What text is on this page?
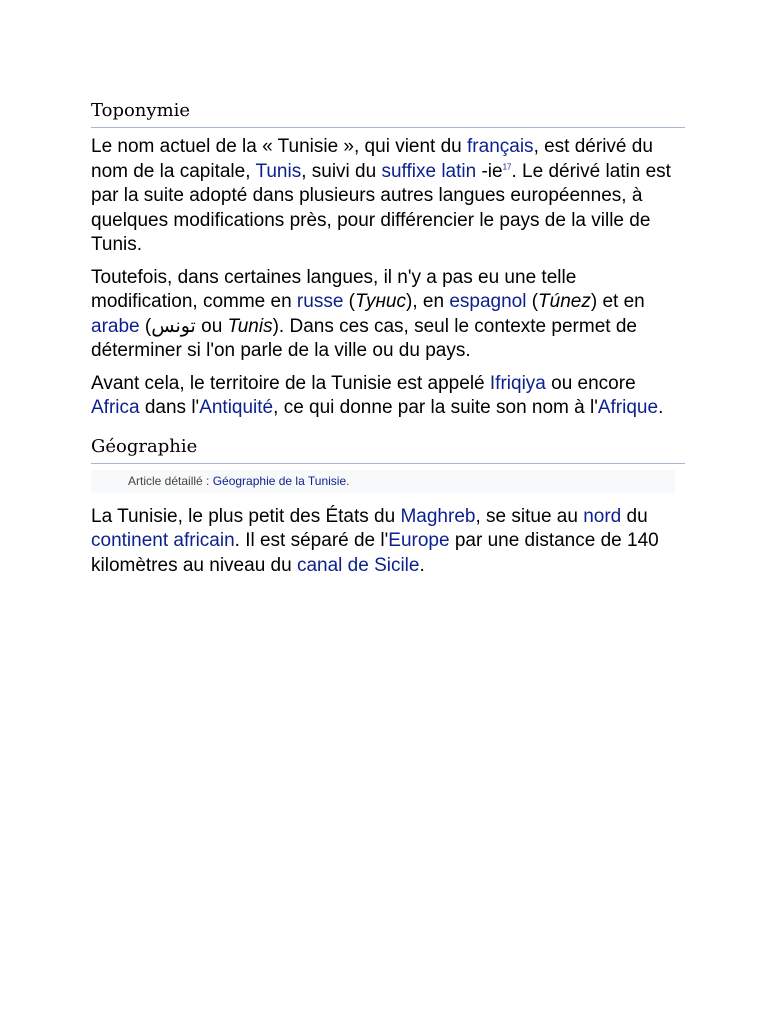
Toponymie

Le nom actuel de la « Tunisie », qui vient du français, est dérivé du nom de la capitale, Tunis, suivi du suffixe latin $-ie^{17}$. Le dérivé latin est par la suite adopté dans plusieurs autres langues européennes, à quelques modifications près, pour différencier le pays de la ville de Tunis.

Toutefois, dans certaines langues, il n'y a pas eu une telle modification, comme en russe (Тунис), en espagnol (Túnez) et en arabe (تونس ou Tunis). Dans ces cas, seul le contexte permet de déterminer si l'on parle de la ville ou du pays.

Avant cela, le territoire de la Tunisie est appelé Ifriqiya ou encore Africa dans l'Antiquité, ce qui donne par la suite son nom à l'Afrique.

Géographie
Article détaillé : Géographie de la Tunisie.

La Tunisie, le plus petit des États du Maghreb, se situe au nord du continent africain. Il est séparé de l'Europe par une distance de 140 kilomètres au niveau du canal de Sicile.
